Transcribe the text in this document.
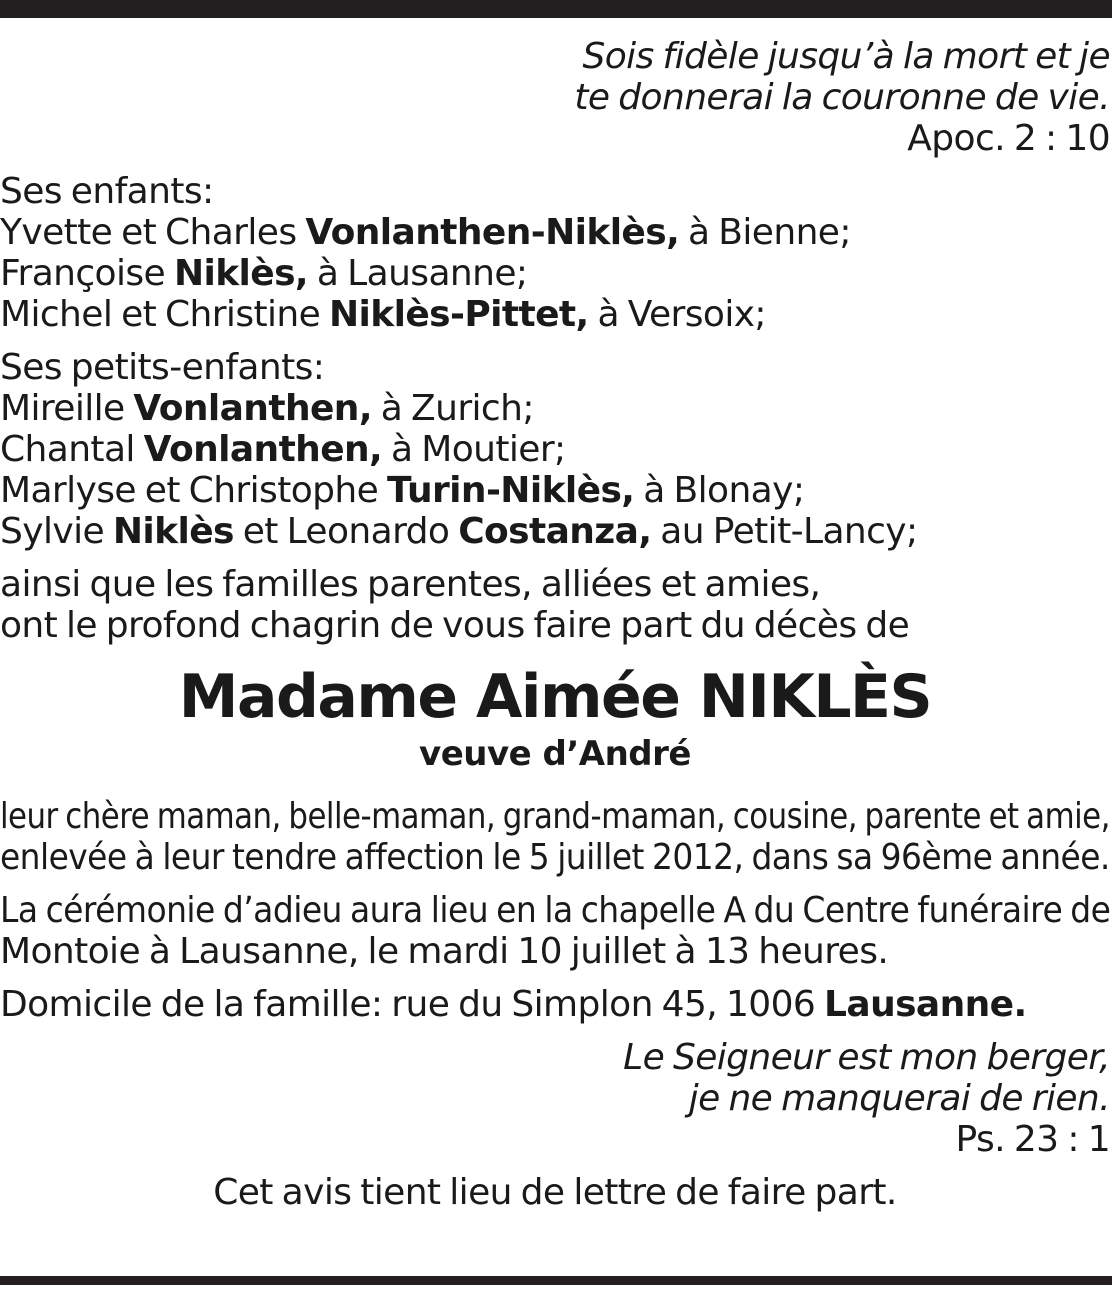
Sois fidèle jusqu’à la mort et je
te donnerai la couronne de vie.
Apoc. 2 : 10
Ses enfants:
Yvette et Charles Vonlanthen-Niklès, à Bienne;
Françoise Niklès, à Lausanne;
Michel et Christine Niklès-Pittet, à Versoix;
Ses petits-enfants:
Mireille Vonlanthen, à Zurich;
Chantal Vonlanthen, à Moutier;
Marlyse et Christophe Turin-Niklès, à Blonay;
Sylvie Niklès et Leonardo Costanza, au Petit-Lancy;
ainsi que les familles parentes, alliées et amies,
ont le profond chagrin de vous faire part du décès de
Madame Aimée NIKLÈS
veuve d’André
leur chère maman, belle-maman, grand-maman, cousine, parente et amie,
enlevée à leur tendre affection le 5 juillet 2012, dans sa 96ème année.
La cérémonie d’adieu aura lieu en la chapelle A du Centre funéraire de
Montoie à Lausanne, le mardi 10 juillet à 13 heures.
Domicile de la famille: rue du Simplon 45, 1006 Lausanne.
Le Seigneur est mon berger,
je ne manquerai de rien.
Ps. 23 : 1
Cet avis tient lieu de lettre de faire part.
